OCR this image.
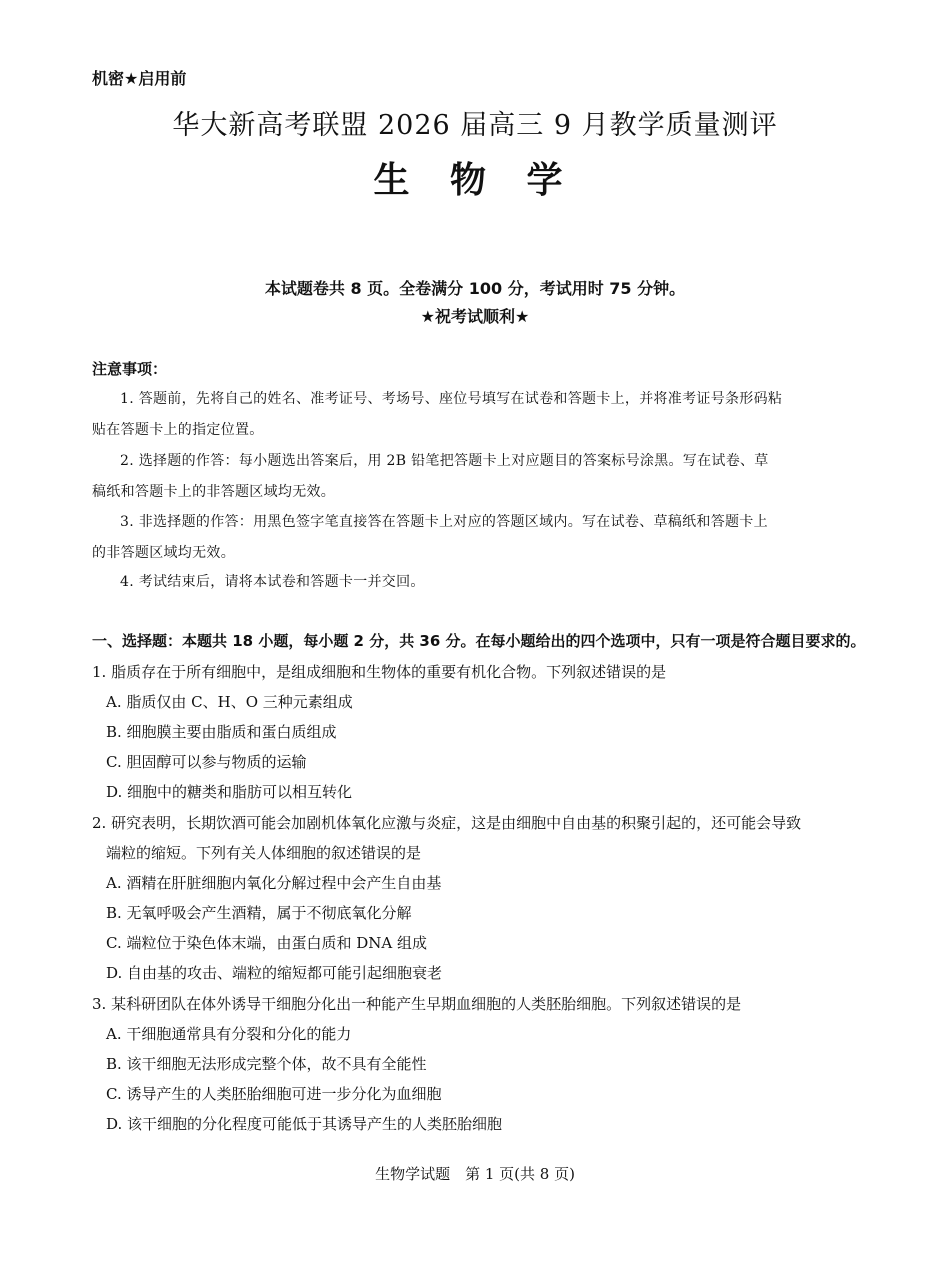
机密★启用前
华大新高考联盟 2026 届高三 9 月教学质量测评
生 物 学
本试题卷共 8 页。全卷满分 100 分，考试用时 75 分钟。
★祝考试顺利★
注意事项：
1. 答题前，先将自己的姓名、准考证号、考场号、座位号填写在试卷和答题卡上，并将准考证号条形码粘
贴在答题卡上的指定位置。
2. 选择题的作答：每小题选出答案后，用 2B 铅笔把答题卡上对应题目的答案标号涂黑。写在试卷、草
稿纸和答题卡上的非答题区域均无效。
3. 非选择题的作答：用黑色签字笔直接答在答题卡上对应的答题区域内。写在试卷、草稿纸和答题卡上
的非答题区域均无效。
4. 考试结束后，请将本试卷和答题卡一并交回。
一、选择题：本题共 18 小题，每小题 2 分，共 36 分。在每小题给出的四个选项中，只有一项是符合题目要求的。
1. 脂质存在于所有细胞中，是组成细胞和生物体的重要有机化合物。下列叙述错误的是
A. 脂质仅由 C、H、O 三种元素组成
B. 细胞膜主要由脂质和蛋白质组成
C. 胆固醇可以参与物质的运输
D. 细胞中的糖类和脂肪可以相互转化
2. 研究表明，长期饮酒可能会加剧机体氧化应激与炎症，这是由细胞中自由基的积聚引起的，还可能会导致
端粒的缩短。下列有关人体细胞的叙述错误的是
A. 酒精在肝脏细胞内氧化分解过程中会产生自由基
B. 无氧呼吸会产生酒精，属于不彻底氧化分解
C. 端粒位于染色体末端，由蛋白质和 DNA 组成
D. 自由基的攻击、端粒的缩短都可能引起细胞衰老
3. 某科研团队在体外诱导干细胞分化出一种能产生早期血细胞的人类胚胎细胞。下列叙述错误的是
A. 干细胞通常具有分裂和分化的能力
B. 该干细胞无法形成完整个体，故不具有全能性
C. 诱导产生的人类胚胎细胞可进一步分化为血细胞
D. 该干细胞的分化程度可能低于其诱导产生的人类胚胎细胞
生物学试题　第 1 页(共 8 页)
